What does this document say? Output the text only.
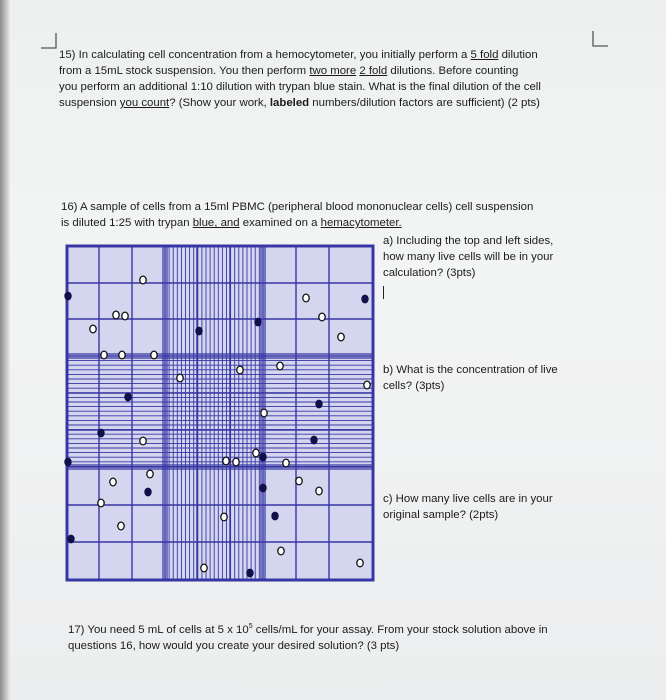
15) In calculating cell concentration from a hemocytometer, you initially perform a 5 fold dilution
from a 15mL stock suspension. You then perform two more 2 fold dilutions. Before counting
you perform an additional 1:10 dilution with trypan blue stain. What is the final dilution of the cell
suspension you count? (Show your work, labeled numbers/dilution factors are sufficient) (2 pts)
16) A sample of cells from a 15ml PBMC (peripheral blood mononuclear cells) cell suspension
is diluted 1:25 with trypan blue, and examined on a hemacytometer.
a) Including the top and left sides,
how many live cells will be in your
calculation? (3pts)
b) What is the concentration of live
cells? (3pts)
c) How many live cells are in your
original sample? (2pts)
17) You need 5 mL of cells at 5 x $10^5$ cells/mL for your assay. From your stock solution above in
questions 16, how would you create your desired solution? (3 pts)
